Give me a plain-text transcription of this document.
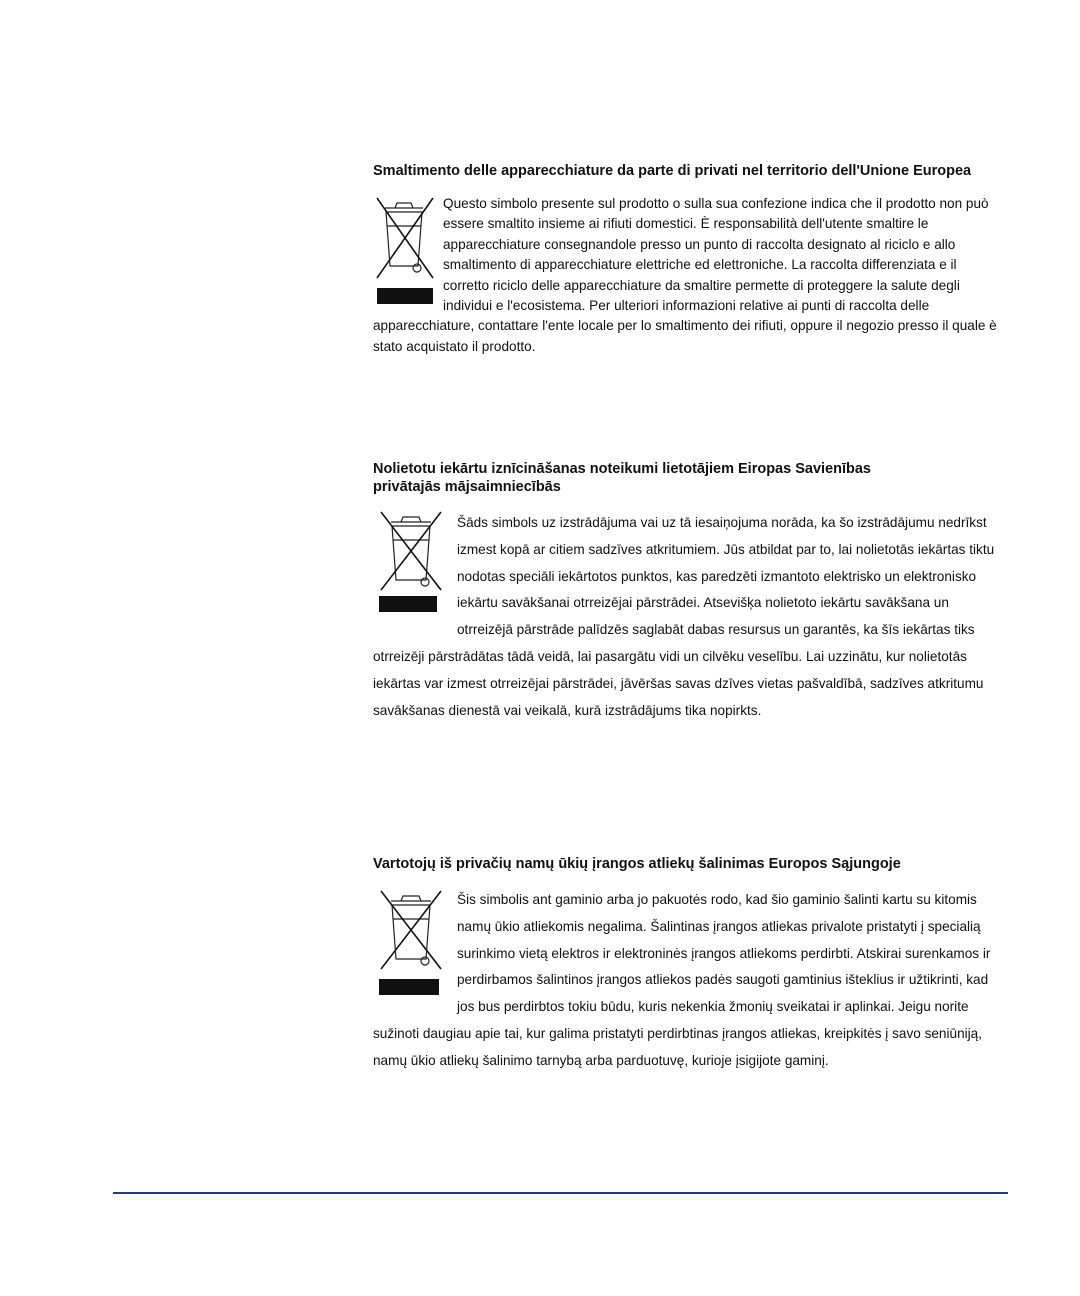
Smaltimento delle apparecchiature da parte di privati nel territorio dell'Unione Europea

Questo simbolo presente sul prodotto o sulla sua confezione indica che il prodotto non può essere smaltito insieme ai rifiuti domestici. È responsabilità dell'utente smaltire le apparecchiature consegnandole presso un punto di raccolta designato al riciclo e allo smaltimento di apparecchiature elettriche ed elettroniche. La raccolta differenziata e il corretto riciclo delle apparecchiature da smaltire permette di proteggere la salute degli individui e l'ecosistema. Per ulteriori informazioni relative ai punti di raccolta delle apparecchiature, contattare l'ente locale per lo smaltimento dei rifiuti, oppure il negozio presso il quale è stato acquistato il prodotto.

Nolietotu iekārtu iznīcināšanas noteikumi lietotājiem Eiropas Savienības
privātajās mājsaimniecībās

Šāds simbols uz izstrādājuma vai uz tā iesaiņojuma norāda, ka šo izstrādājumu nedrīkst izmest kopā ar citiem sadzīves atkritumiem. Jūs atbildat par to, lai nolietotās iekārtas tiktu nodotas speciāli iekārtotos punktos, kas paredzēti izmantoto elektrisko un elektronisko iekārtu savākšanai otrreizējai pārstrādei. Atsevišķa nolietoto iekārtu savākšana un otrreizējā pārstrāde palīdzēs saglabāt dabas resursus un garantēs, ka šīs iekārtas tiks otrreizēji pārstrādātas tādā veidā, lai pasargātu vidi un cilvēku veselību. Lai uzzinātu, kur nolietotās iekārtas var izmest otrreizējai pārstrādei, jāvēršas savas dzīves vietas pašvaldībā, sadzīves atkritumu savākšanas dienestā vai veikalā, kurā izstrādājums tika nopirkts.

Vartotojų iš privačių namų ūkių įrangos atliekų šalinimas Europos Sąjungoje

Šis simbolis ant gaminio arba jo pakuotės rodo, kad šio gaminio šalinti kartu su kitomis namų ūkio atliekomis negalima. Šalintinas įrangos atliekas privalote pristatyti į specialią surinkimo vietą elektros ir elektroninės įrangos atliekoms perdirbti. Atskirai surenkamos ir perdirbamos šalintinos įrangos atliekos padės saugoti gamtinius išteklius ir užtikrinti, kad jos bus perdirbtos tokiu būdu, kuris nekenkia žmonių sveikatai ir aplinkai. Jeigu norite sužinoti daugiau apie tai, kur galima pristatyti perdirbtinas įrangos atliekas, kreipkitės į savo seniūniją, namų ūkio atliekų šalinimo tarnybą arba parduotuvę, kurioje įsigijote gaminį.
